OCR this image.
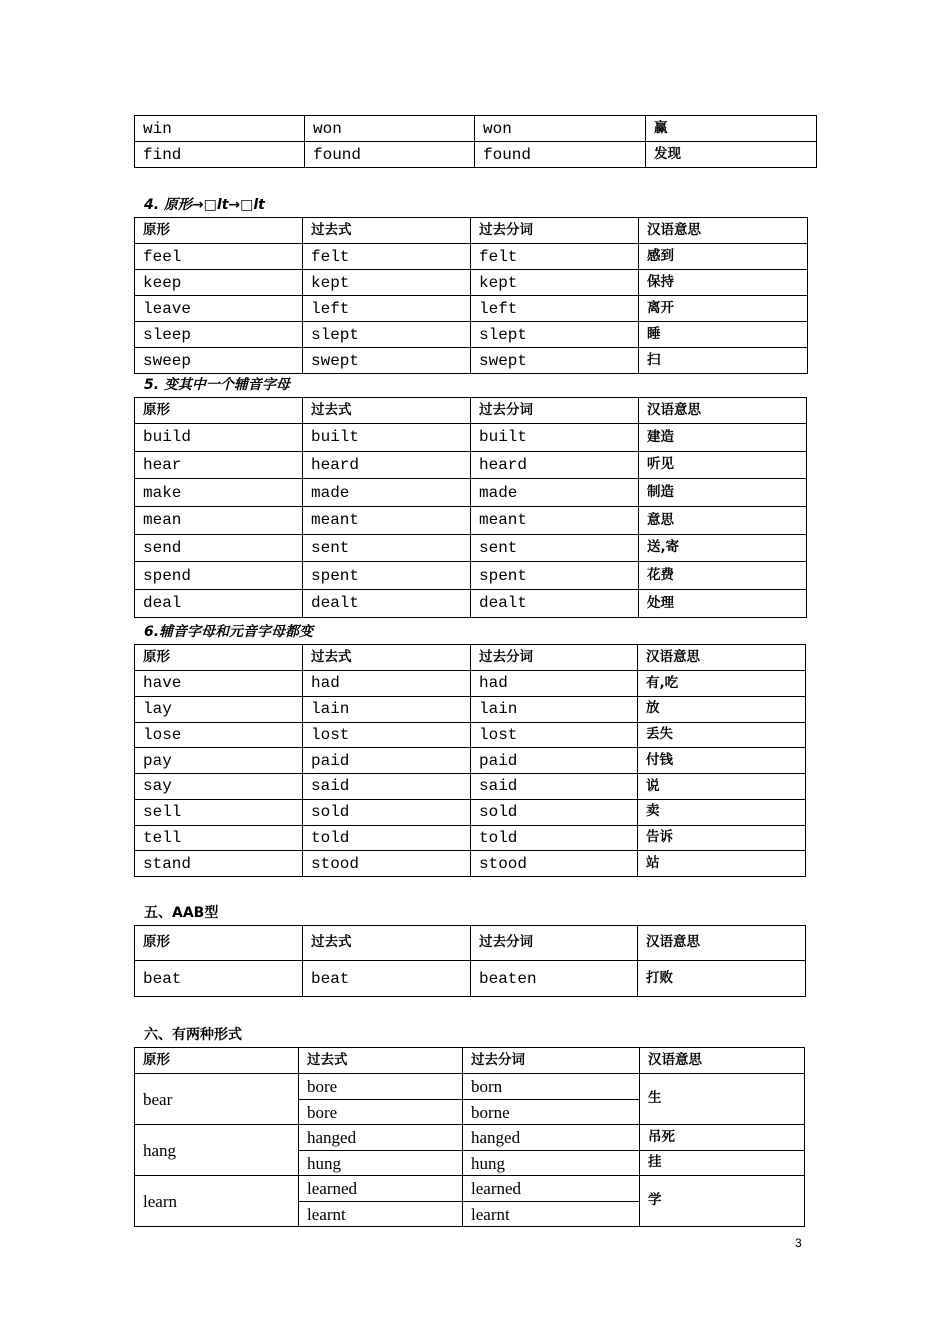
win	won	won	赢
find	found	found	发现
4. 原形→□lt→□lt
原形	过去式	过去分词	汉语意思
feel	felt	felt	感到
keep	kept	kept	保持
leave	left	left	离开
sleep	slept	slept	睡
sweep	swept	swept	扫
5. 变其中一个辅音字母
原形	过去式	过去分词	汉语意思
build	built	built	建造
hear	heard	heard	听见
make	made	made	制造
mean	meant	meant	意思
send	sent	sent	送,寄
spend	spent	spent	花费
deal	dealt	dealt	处理
6.辅音字母和元音字母都变
原形	过去式	过去分词	汉语意思
have	had	had	有,吃
lay	lain	lain	放
lose	lost	lost	丢失
pay	paid	paid	付钱
say	said	said	说
sell	sold	sold	卖
tell	told	told	告诉
stand	stood	stood	站
五、AAB型
原形	过去式	过去分词	汉语意思
beat	beat	beaten	打败
六、有两种形式
原形	过去式	过去分词	汉语意思
bear	bore	born	生
	bore	borne	
hang	hanged	hanged	吊死
	hung	hung	挂
learn	learned	learned	学
	learnt	learnt	
3
